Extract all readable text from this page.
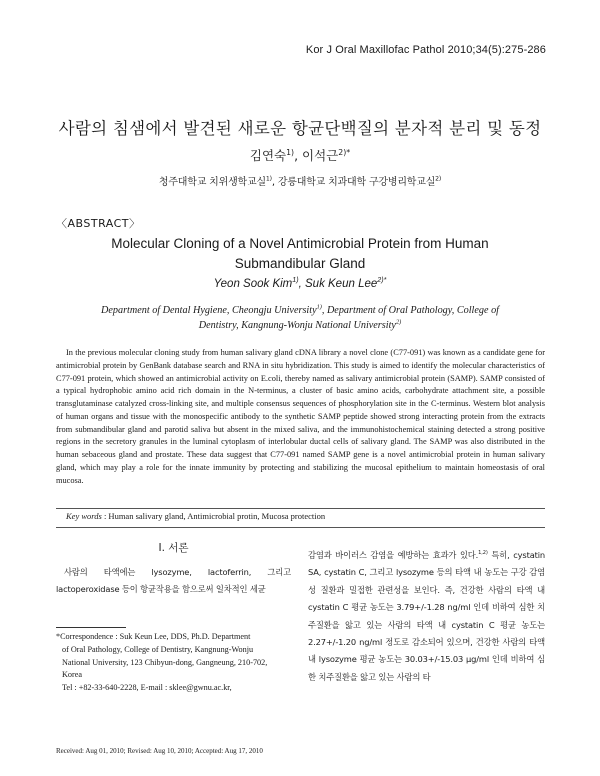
Kor J Oral Maxillofac Pathol 2010;34(5):275-286
사람의 침샘에서 발견된 새로운 항균단백질의 분자적 분리 및 동정
김연숙$^{1)}$, 이석근$^{2)*}$
청주대학교 치위생학교실$^{1)}$, 강릉대학교 치과대학 구강병리학교실$^{2)}$
〈ABSTRACT〉
Molecular Cloning of a Novel Antimicrobial Protein from Human
Submandibular Gland
Yeon Sook Kim$^{1)}$, Suk Keun Lee$^{2)*}$
Department of Dental Hygiene, Cheongju University$^{1)}$, Department of Oral Pathology, College of
Dentistry, Kangnung-Wonju National University$^{2)}$
In the previous molecular cloning study from human salivary gland cDNA library a novel clone (C77-091) was known as a candidate gene for antimicrobial protein by GenBank database search and RNA in situ hybridization. This study is aimed to identify the molecular characteristics of C77-091 protein, which showed an antimicrobial activity on E.coli, thereby named as salivary antimicrobial protein (SAMP). SAMP consisted of a typical hydrophobic amino acid rich domain in the N-terminus, a cluster of basic amino acids, carbohydrate attachment site, a possible transglutaminase catalyzed cross-linking site, and multiple consensus sequences of phosphorylation site in the C-terminus. Western blot analysis of human organs and tissue with the monospecific antibody to the synthetic SAMP peptide showed strong interacting protein from the extracts from submandibular gland and parotid saliva but absent in the mixed saliva, and the immunohistochemical staining detected a strong positive regions in the secretory granules in the luminal cytoplasm of interlobular ductal cells of salivary gland. The SAMP was also distributed in the human sebaceous gland and prostate. These data suggest that C77-091 named SAMP gene is a novel antimicrobial protein in human salivary gland, which may play a role for the innate immunity by protecting and stabilizing the mucosal epithelium to maintain homeostasis of oral mucosa.
Key words : Human salivary gland, Antimicrobial protin, Mucosa protection
I. 서론
사람의 타액에는 lysozyme, lactoferrin, 그리고 lactoperoxidase 등이 항균작용을 함으로써 일차적인 세균
*Correspondence : Suk Keun Lee, DDS, Ph.D. Department
of Oral Pathology, College of Dentistry, Kangnung-Wonju
National University, 123 Chibyun-dong, Gangneung, 210-702,
Korea
Tel : +82-33-640-2228, E-mail : sklee@gwnu.ac.kr,
Received: Aug 01, 2010; Revised: Aug 10, 2010; Accepted: Aug 17, 2010
감염과 바이러스 감염을 예방하는 효과가 있다.$^{1,2)}$ 특히, cystatin SA, cystatin C, 그리고 lysozyme 등의 타액 내 농도는 구강 감염성 질환과 밀접한 관련성을 보인다. 즉, 건강한 사람의 타액 내 cystatin C 평균 농도는 3.79+/-1.28 ng/ml 인데 비하여 심한 치주질환을 앓고 있는 사람의 타액 내 cystatin C 평균 농도는 2.27+/-1.20 ng/ml 정도로 감소되어 있으며, 건강한 사람의 타액 내 lysozyme 평균 농도는 30.03+/-15.03 μg/ml 인데 비하여 심한 치주질환을 앓고 있는 사람의 타
